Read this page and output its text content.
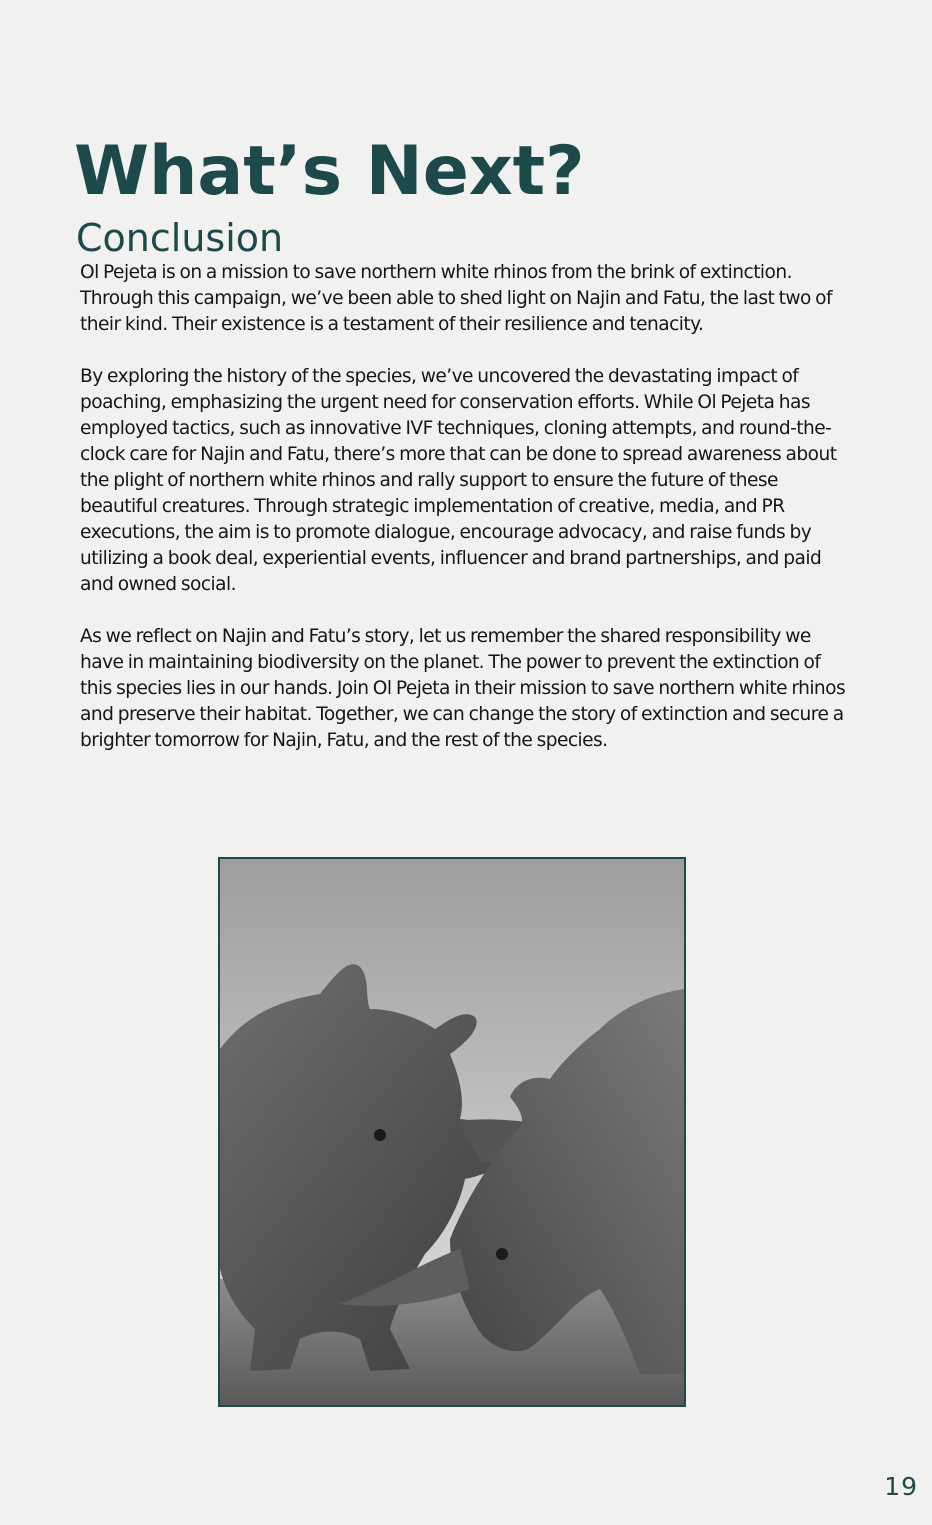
What’s Next?
Conclusion

Ol Pejeta is on a mission to save northern white rhinos from the brink of extinction. Through this campaign, we’ve been able to shed light on Najin and Fatu, the last two of their kind. Their existence is a testament of their resilience and tenacity.

By exploring the history of the species, we’ve uncovered the devastating impact of poaching, emphasizing the urgent need for conservation efforts. While Ol Pejeta has employed tactics, such as innovative IVF techniques, cloning attempts, and round-the-clock care for Najin and Fatu, there’s more that can be done to spread awareness about the plight of northern white rhinos and rally support to ensure the future of these beautiful creatures. Through strategic implementation of creative, media, and PR executions, the aim is to promote dialogue, encourage advocacy, and raise funds by utilizing a book deal, experiential events, influencer and brand partnerships, and paid and owned social.

As we reflect on Najin and Fatu’s story, let us remember the shared responsibility we have in maintaining biodiversity on the planet. The power to prevent the extinction of this species lies in our hands. Join Ol Pejeta in their mission to save northern white rhinos and preserve their habitat. Together, we can change the story of extinction and secure a brighter tomorrow for Najin, Fatu, and the rest of the species.

19
